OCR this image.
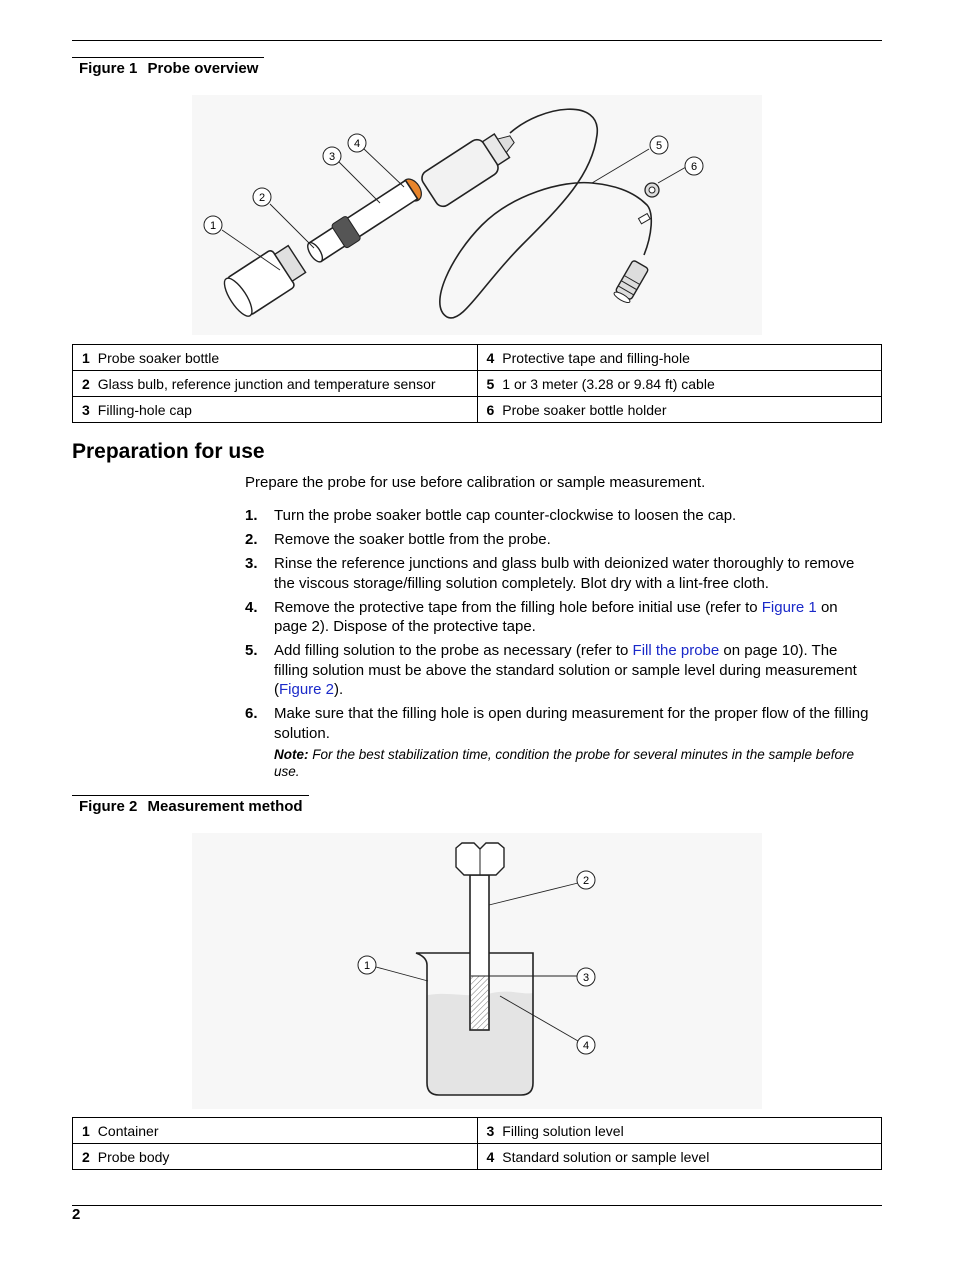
Figure 1 Probe overview
1
2
3
4	5
6
1 Probe soaker bottle	4 Protective tape and filling-hole
2 Glass bulb, reference junction and temperature sensor	5 1 or 3 meter (3.28 or 9.84 ft) cable
3 Filling-hole cap	6 Probe soaker bottle holder
Preparation for use

Prepare the probe for use before calibration or sample measurement.

1. Turn the probe soaker bottle cap counter-clockwise to loosen the cap.
2. Remove the soaker bottle from the probe.
3. Rinse the reference junctions and glass bulb with deionized water thoroughly to remove the viscous storage/filling solution completely. Blot dry with a lint-free cloth.
4. Remove the protective tape from the filling hole before initial use (refer to Figure 1 on page 2). Dispose of the protective tape.
5. Add filling solution to the probe as necessary (refer to Fill the probe on page 10). The filling solution must be above the standard solution or sample level during measurement (Figure 2).
6. Make sure that the filling hole is open during measurement for the proper flow of the filling solution.
Note: For the best stabilization time, condition the probe for several minutes in the sample before use.
Figure 2 Measurement method
1
2
3
4
1 Container	3 Filling solution level
2 Probe body	4 Standard solution or sample level
2
